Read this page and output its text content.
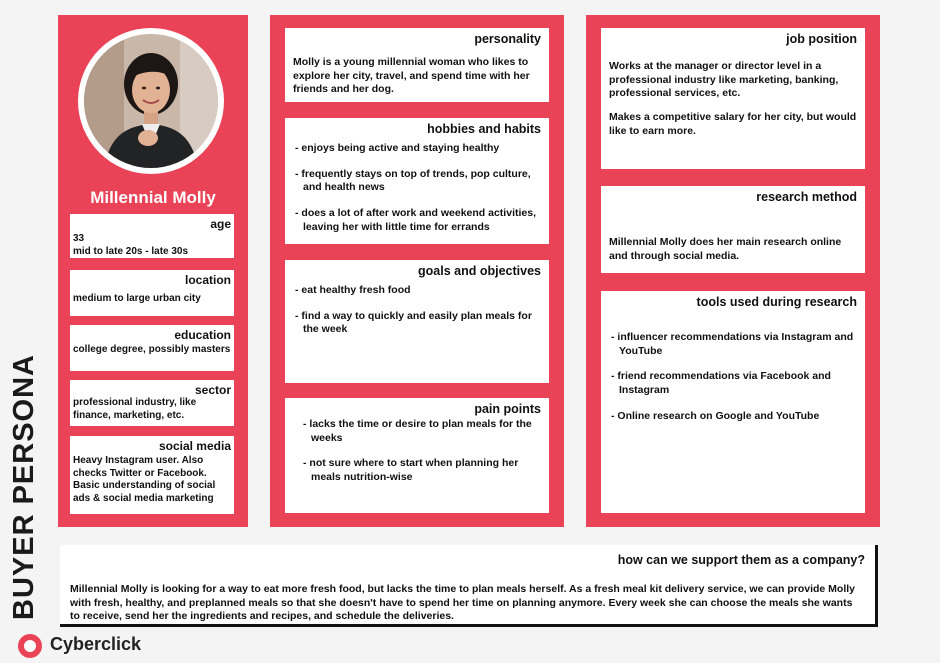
Millennial Molly
age

33

mid to late 20s - late 30s

location

medium to large urban city

education

college degree, possibly masters

sector

professional industry, like finance, marketing, etc.

social media

Heavy Instagram user. Also checks Twitter or Facebook. Basic understanding of social ads & social media marketing

personality

Molly is a young millennial woman who likes to explore her city, travel, and spend time with her friends and her dog.

hobbies and habits
- enjoys being active and staying healthy
- frequently stays on top of trends, pop culture, and health news
- does a lot of after work and weekend activities, leaving her with little time for errands
goals and objectives
- eat healthy fresh food
- find a way to quickly and easily plan meals for the week
pain points
- lacks the time or desire to plan meals for the weeks
- not sure where to start when planning her meals nutrition-wise
job position

Works at the manager or director level in a professional industry like marketing, banking, professional services, etc.

Makes a competitive salary for her city, but would like to earn more.

research method

Millennial Molly does her main research online and through social media.

tools used during research
- influencer recommendations via Instagram and YouTube
- friend recommendations via Facebook and Instagram
- Online research on Google and YouTube
BUYER PERSONA	how can we support them as a company?

Millennial Molly is looking for a way to eat more fresh food, but lacks the time to plan meals herself. As a fresh meal kit delivery service, we can provide Molly with fresh, healthy, and preplanned meals so that she doesn't have to spend her time on planning anymore. Every week she can choose the meals she wants to receive, send her the ingredients and recipes, and schedule the deliveries.

Cyberclick
